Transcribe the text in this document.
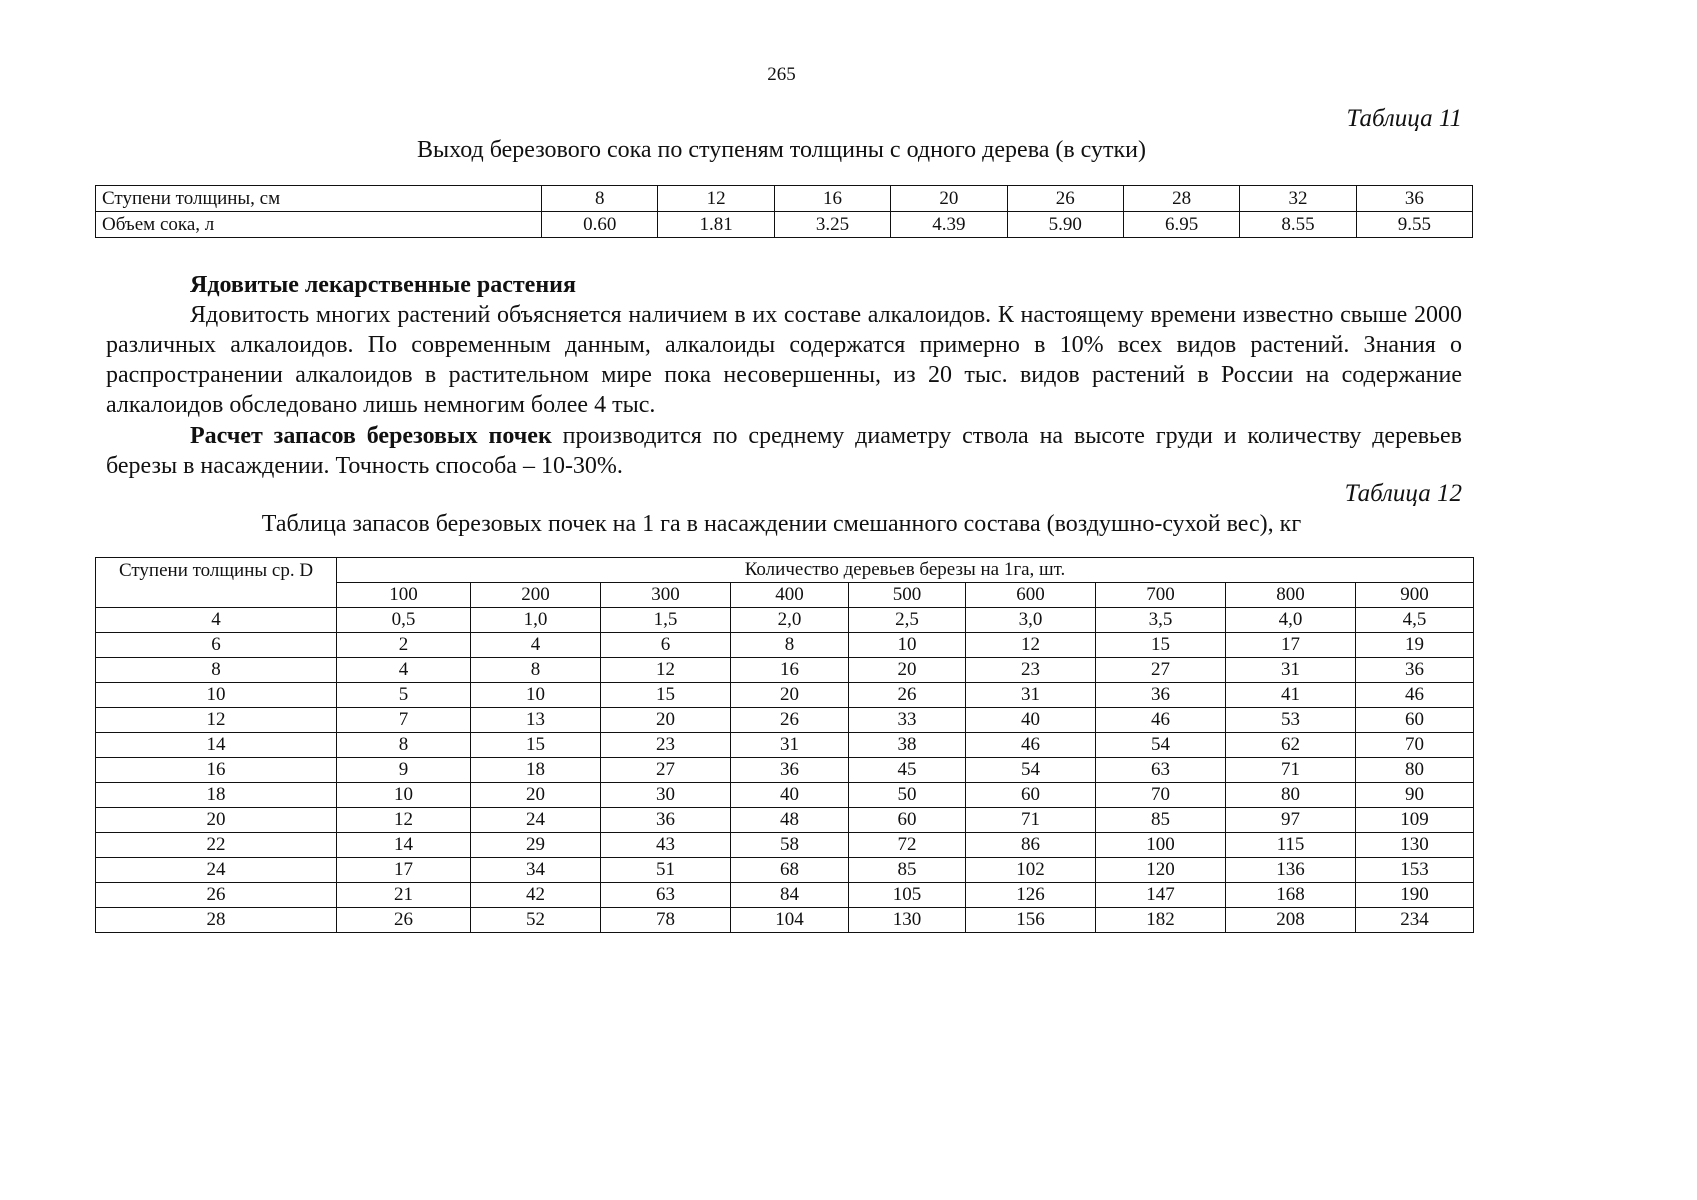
265
Таблица 11
Выход березового сока по ступеням толщины с одного дерева (в сутки)
Ступени толщины, см	8	12	16	20	26	28	32	36
Объем сока, л	0.60	1.81	3.25	4.39	5.90	6.95	8.55	9.55
Ядовитые лекарственные растения
Ядовитость многих растений объясняется наличием в их составе алкалоидов. К настоящему времени известно свыше 2000 различных алкалоидов. По современным данным, алкалоиды содержатся примерно в 10% всех видов растений. Знания о распространении алкалоидов в растительном мире пока несовершенны, из 20 тыс. видов растений в России на содержание алкалоидов обследовано лишь немногим более 4 тыс.
Расчет запасов березовых почек производится по среднему диаметру ствола на высоте груди и количеству деревьев березы в насаждении. Точность способа – 10-30%.
Таблица 12
Таблица запасов березовых почек на 1 га в насаждении смешанного состава (воздушно-сухой вес), кг
Ступени толщины ср. D	Количество деревьев березы на 1га, шт.								
	100	200	300	400	500	600	700	800	900
4	0,5	1,0	1,5	2,0	2,5	3,0	3,5	4,0	4,5
6	2	4	6	8	10	12	15	17	19
8	4	8	12	16	20	23	27	31	36
10	5	10	15	20	26	31	36	41	46
12	7	13	20	26	33	40	46	53	60
14	8	15	23	31	38	46	54	62	70
16	9	18	27	36	45	54	63	71	80
18	10	20	30	40	50	60	70	80	90
20	12	24	36	48	60	71	85	97	109
22	14	29	43	58	72	86	100	115	130
24	17	34	51	68	85	102	120	136	153
26	21	42	63	84	105	126	147	168	190
28	26	52	78	104	130	156	182	208	234
